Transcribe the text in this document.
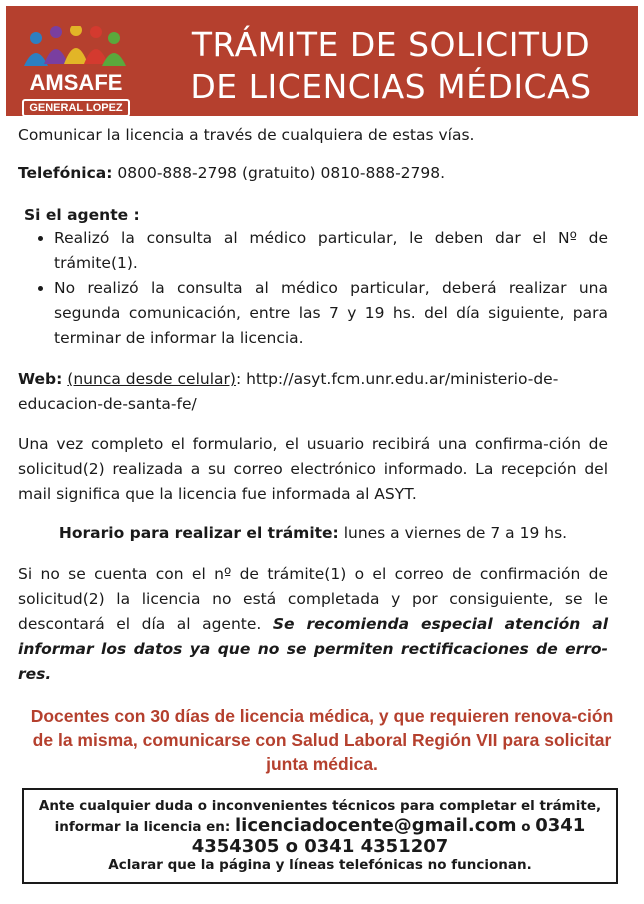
AMSAFE
GENERAL LOPEZ
TRÁMITE DE SOLICITUD
DE LICENCIAS MÉDICAS

Comunicar la licencia a través de cualquiera de estas vías.

Telefónica: 0800-888-2798 (gratuito) 0810-888-2798.

Si el agente :

Realizó la consulta al médico particular, le deben dar el Nº de trámite(1).
No realizó la consulta al médico particular, deberá realizar una segunda comunicación, entre las 7 y 19 hs. del día siguiente, para terminar de informar la licencia.

Web: (nunca desde celular): http://asyt.fcm.unr.edu.ar/ministerio-de-educacion-de-santa-fe/

Una vez completo el formulario, el usuario recibirá una confirma-ción de solicitud(2) realizada a su correo electrónico informado. La recepción del mail significa que la licencia fue informada al ASYT.

Horario para realizar el trámite: lunes a viernes de 7 a 19 hs.

Si no se cuenta con el nº de trámite(1) o el correo de confirmación de solicitud(2) la licencia no está completada y por consiguiente, se le descontará el día al agente. Se recomienda especial atención al informar los datos ya que no se permiten rectificaciones de erro-res.

Docentes con 30 días de licencia médica, y que requieren renova-ción de la misma, comunicarse con Salud Laboral Región VII para solicitar junta médica.
Ante cualquier duda o inconvenientes técnicos para completar el trámite,
informar la licencia en: licenciadocente@gmail.com o 0341
4354305 o 0341 4351207
Aclarar que la página y líneas telefónicas no funcionan.
